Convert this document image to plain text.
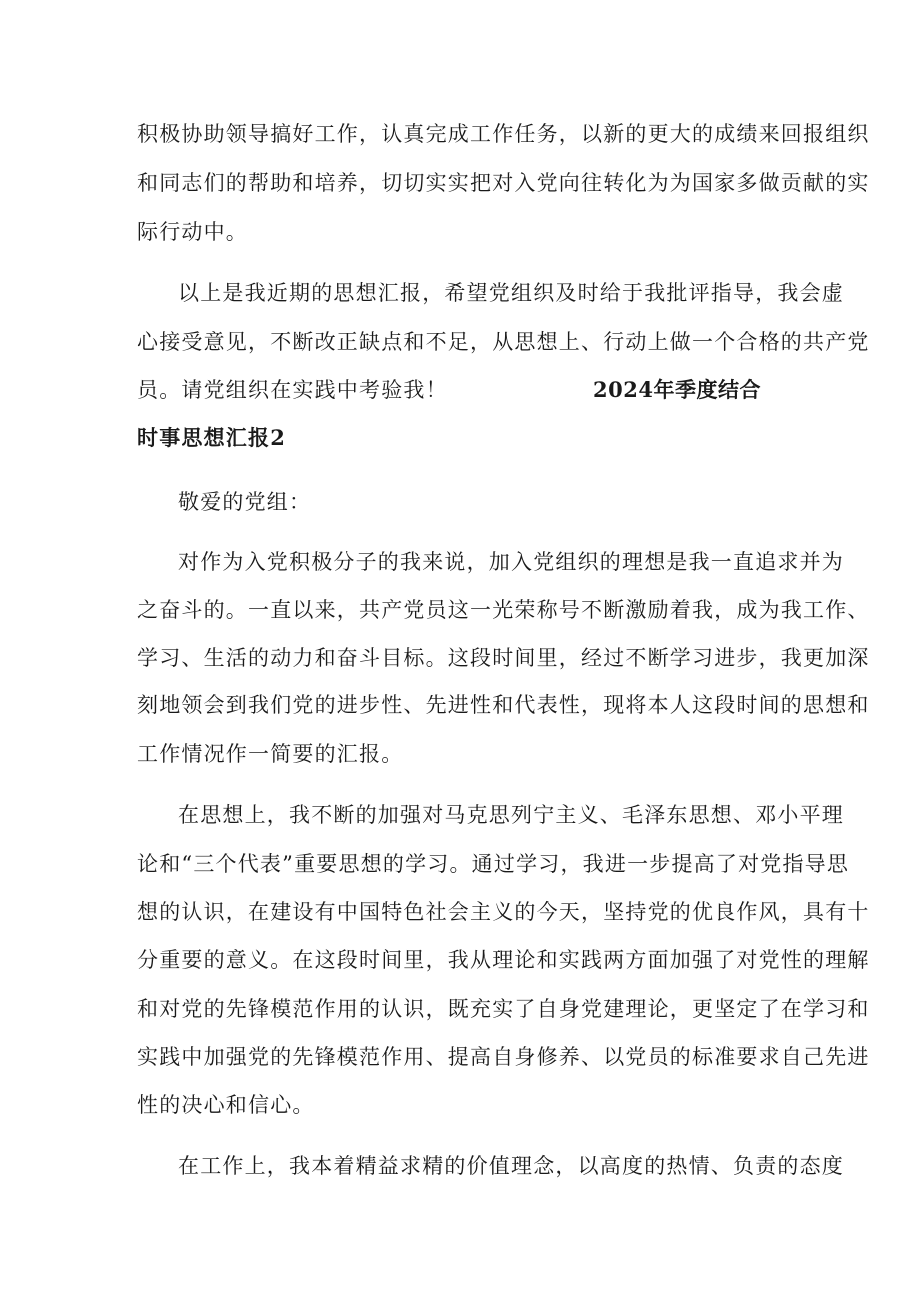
积极协助领导搞好工作，认真完成工作任务，以新的更大的成绩来回报组织
和同志们的帮助和培养，切切实实把对入党向往转化为为国家多做贡献的实
际行动中。
以上是我近期的思想汇报，希望党组织及时给于我批评指导，我会虚
心接受意见，不断改正缺点和不足，从思想上、行动上做一个合格的共产党
员。请党组织在实践中考验我！	2024年季度结合
时事思想汇报2
敬爱的党组：
对作为入党积极分子的我来说，加入党组织的理想是我一直追求并为
之奋斗的。一直以来，共产党员这一光荣称号不断激励着我，成为我工作、
学习、生活的动力和奋斗目标。这段时间里，经过不断学习进步，我更加深
刻地领会到我们党的进步性、先进性和代表性，现将本人这段时间的思想和
工作情况作一简要的汇报。
在思想上，我不断的加强对马克思列宁主义、毛泽东思想、邓小平理
论和“三个代表”重要思想的学习。通过学习，我进一步提高了对党指导思
想的认识，在建设有中国特色社会主义的今天，坚持党的优良作风，具有十
分重要的意义。在这段时间里，我从理论和实践两方面加强了对党性的理解
和对党的先锋模范作用的认识，既充实了自身党建理论，更坚定了在学习和
实践中加强党的先锋模范作用、提高自身修养、以党员的标准要求自己先进
性的决心和信心。
在工作上，我本着精益求精的价值理念，以高度的热情、负责的态度
